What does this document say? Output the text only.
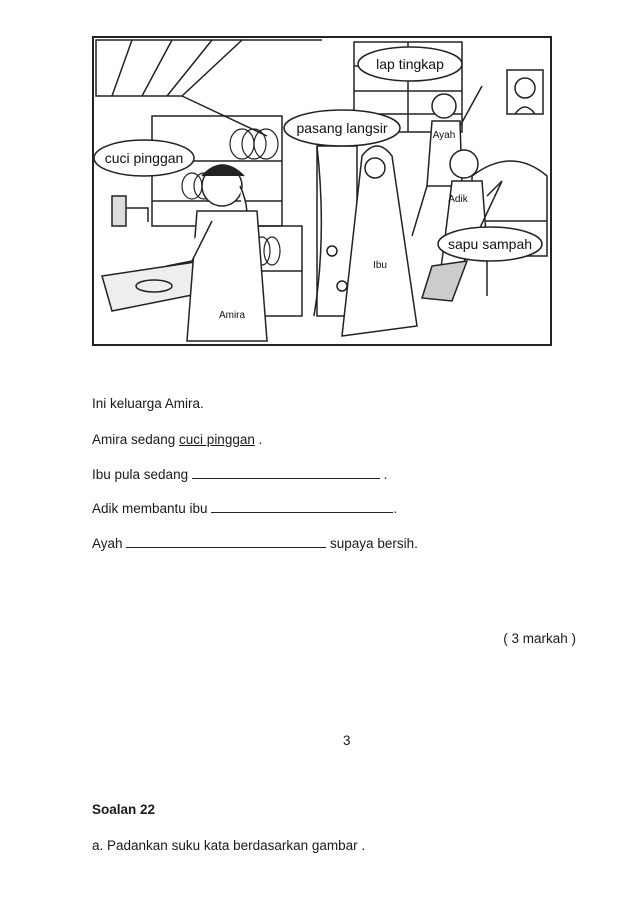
cuci pinggan
pasang langsir
lap tingkap
sapu sampah
Amira
Ibu
Ayah
Adik
Ini keluarga Amira.
Amira sedang cuci pinggan .
Ibu pula sedang	.
Adik membantu ibu	.
Ayah	supaya bersih.
( 3 markah )
3
Soalan 22
a. Padankan suku kata berdasarkan gambar .
